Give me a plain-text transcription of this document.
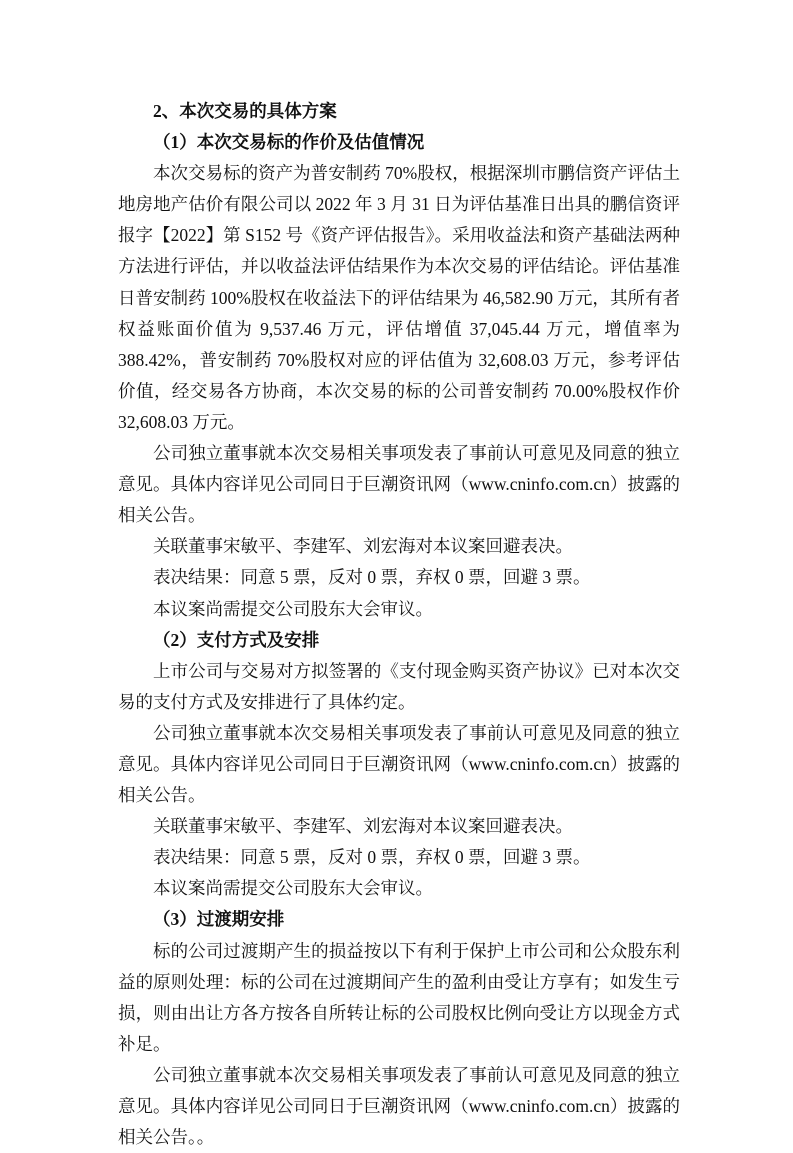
2、本次交易的具体方案
（1）本次交易标的作价及估值情况

本次交易标的资产为普安制药 70%股权，根据深圳市鹏信资产评估土地房地产估价有限公司以 2022 年 3 月 31 日为评估基准日出具的鹏信资评报字【2022】第 S152 号《资产评估报告》。采用收益法和资产基础法两种方法进行评估，并以收益法评估结果作为本次交易的评估结论。评估基准日普安制药 100%股权在收益法下的评估结果为 46,582.90 万元，其所有者权益账面价值为 9,537.46 万元，评估增值 37,045.44 万元，增值率为 388.42%，普安制药 70%股权对应的评估值为 32,608.03 万元，参考评估价值，经交易各方协商，本次交易的标的公司普安制药 70.00%股权作价 32,608.03 万元。

公司独立董事就本次交易相关事项发表了事前认可意见及同意的独立意见。具体内容详见公司同日于巨潮资讯网（www.cninfo.com.cn）披露的相关公告。

关联董事宋敏平、李建军、刘宏海对本议案回避表决。

表决结果：同意 5 票，反对 0 票，弃权 0 票，回避 3 票。

本议案尚需提交公司股东大会审议。

（2）支付方式及安排

上市公司与交易对方拟签署的《支付现金购买资产协议》已对本次交易的支付方式及安排进行了具体约定。

公司独立董事就本次交易相关事项发表了事前认可意见及同意的独立意见。具体内容详见公司同日于巨潮资讯网（www.cninfo.com.cn）披露的相关公告。

关联董事宋敏平、李建军、刘宏海对本议案回避表决。

表决结果：同意 5 票，反对 0 票，弃权 0 票，回避 3 票。

本议案尚需提交公司股东大会审议。

（3）过渡期安排

标的公司过渡期产生的损益按以下有利于保护上市公司和公众股东利益的原则处理：标的公司在过渡期间产生的盈利由受让方享有；如发生亏损，则由出让方各方按各自所转让标的公司股权比例向受让方以现金方式补足。

公司独立董事就本次交易相关事项发表了事前认可意见及同意的独立意见。具体内容详见公司同日于巨潮资讯网（www.cninfo.com.cn）披露的相关公告。。
